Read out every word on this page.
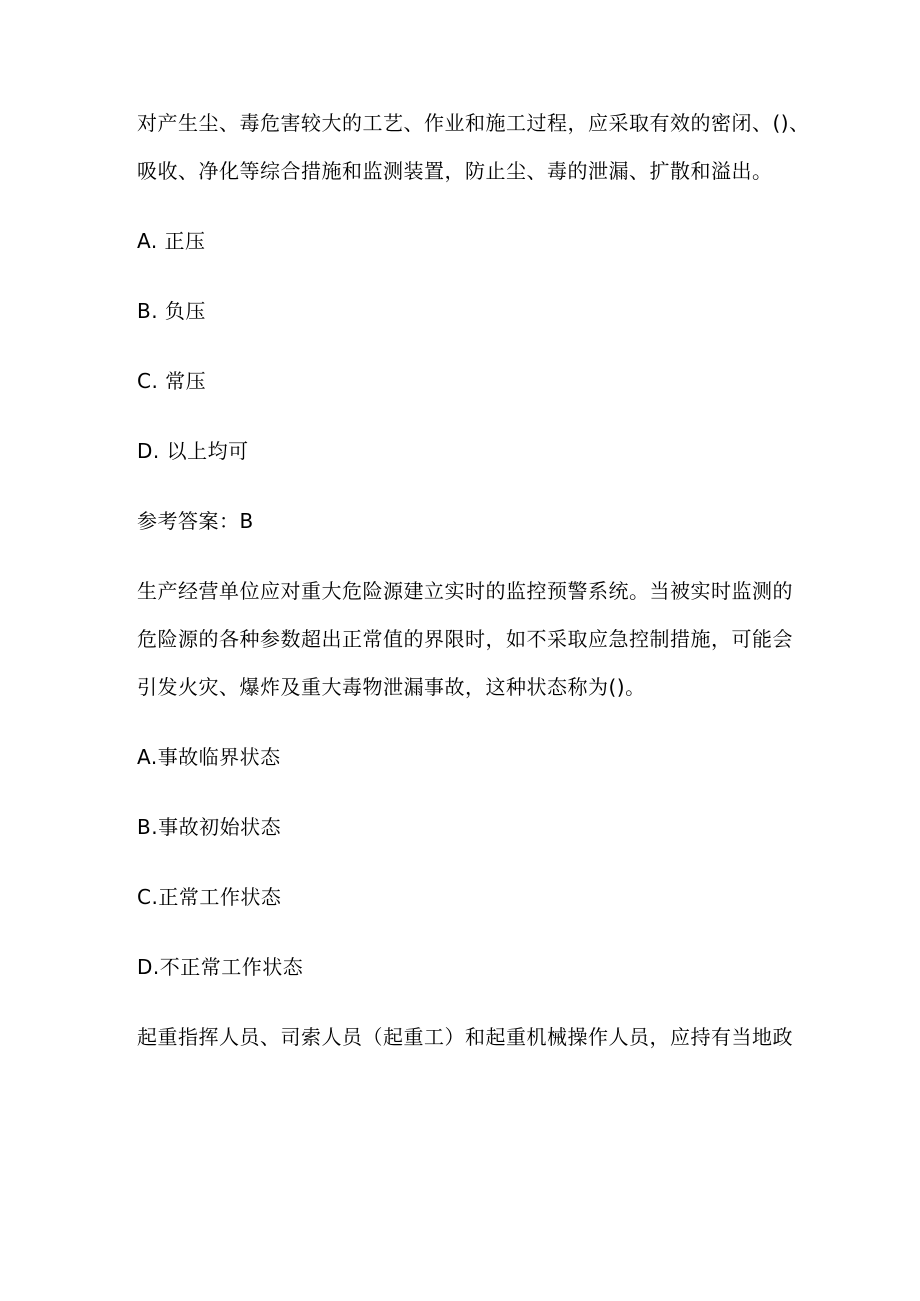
对产生尘、毒危害较大的工艺、作业和施工过程，应采取有效的密闭、()、
吸收、净化等综合措施和监测装置，防止尘、毒的泄漏、扩散和溢出。
A. 正压
B. 负压
C. 常压
D. 以上均可
参考答案：B
生产经营单位应对重大危险源建立实时的监控预警系统。当被实时监测的
危险源的各种参数超出正常值的界限时，如不采取应急控制措施，可能会
引发火灾、爆炸及重大毒物泄漏事故，这种状态称为()。
A.事故临界状态
B.事故初始状态
C.正常工作状态
D.不正常工作状态
起重指挥人员、司索人员（起重工）和起重机械操作人员，应持有当地政
